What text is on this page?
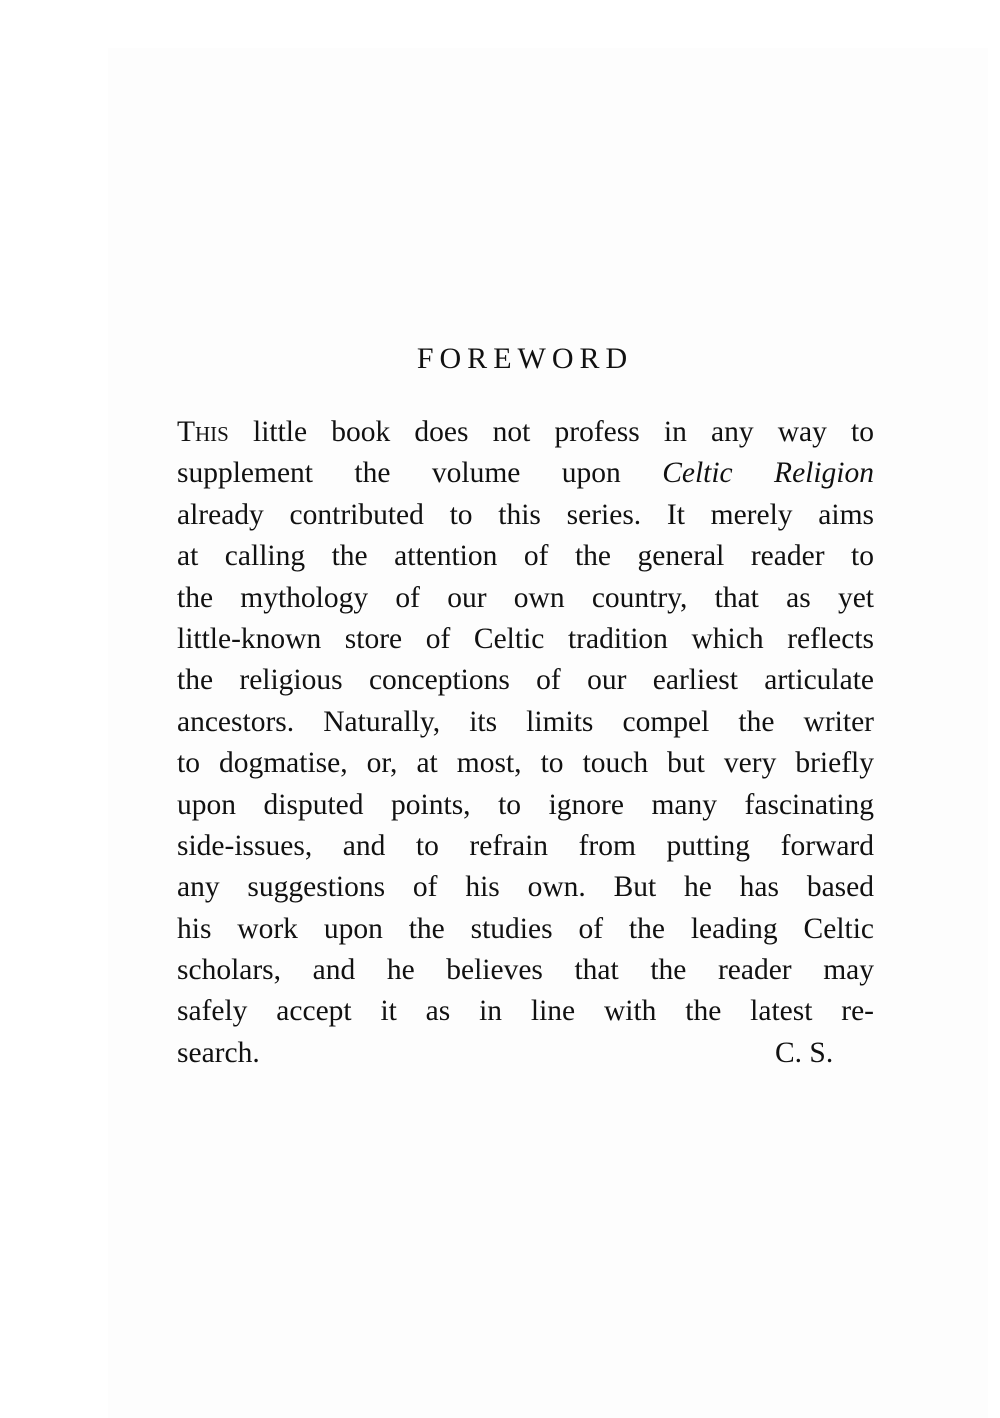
FOREWORD
This little book does not profess in any way to
supplement the volume upon Celtic Religion
already contributed to this series. It merely aims
at calling the attention of the general reader to
the mythology of our own country, that as yet
little-known store of Celtic tradition which reflects
the religious conceptions of our earliest articulate
ancestors. Naturally, its limits compel the writer
to dogmatise, or, at most, to touch but very briefly
upon disputed points, to ignore many fascinating
side-issues, and to refrain from putting forward
any suggestions of his own. But he has based
his work upon the studies of the leading Celtic
scholars, and he believes that the reader may
safely accept it as in line with the latest re-
search.	C. S.
